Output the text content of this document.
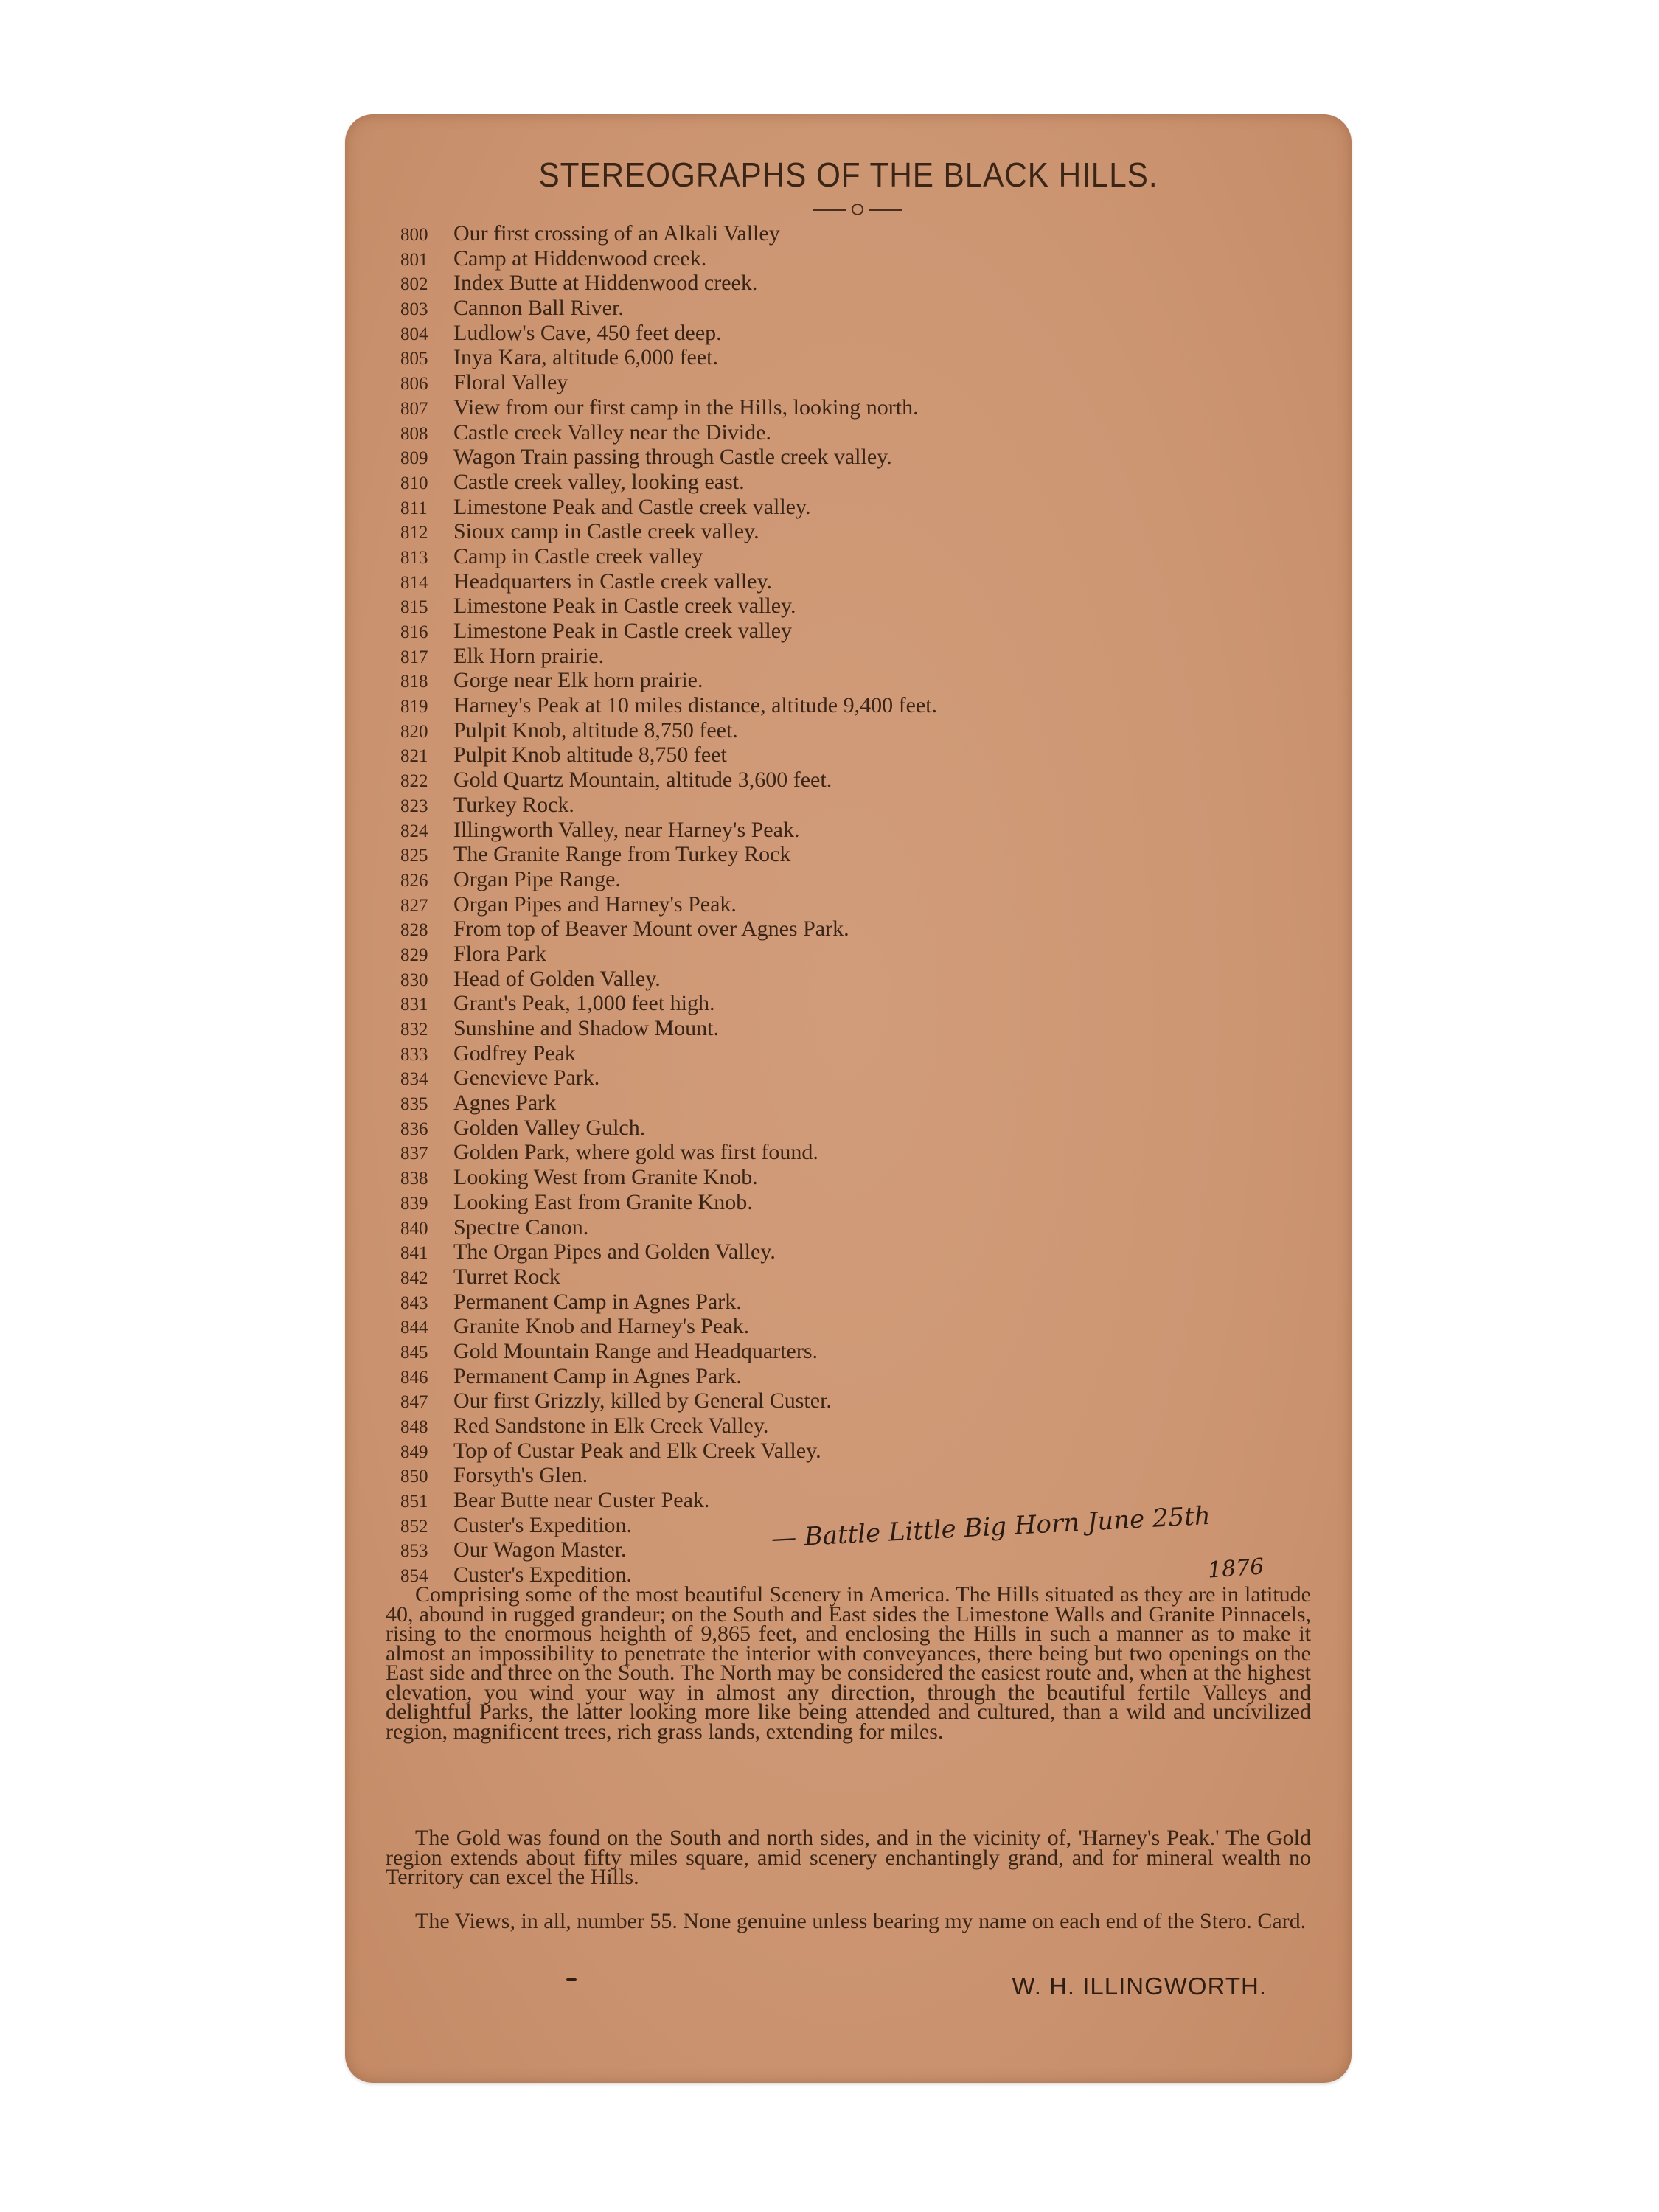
STEREOGRAPHS OF THE BLACK HILLS.
800 Our first crossing of an Alkali Valley
801 Camp at Hiddenwood creek.
802 Index Butte at Hiddenwood creek.
803 Cannon Ball River.
804 Ludlow's Cave, 450 feet deep.
805 Inya Kara, altitude 6,000 feet.
806 Floral Valley
807 View from our first camp in the Hills, looking north.
808 Castle creek Valley near the Divide.
809 Wagon Train passing through Castle creek valley.
810 Castle creek valley, looking east.
811 Limestone Peak and Castle creek valley.
812 Sioux camp in Castle creek valley.
813 Camp in Castle creek valley
814 Headquarters in Castle creek valley.
815 Limestone Peak in Castle creek valley.
816 Limestone Peak in Castle creek valley
817 Elk Horn prairie.
818 Gorge near Elk horn prairie.
819 Harney's Peak at 10 miles distance, altitude 9,400 feet.
820 Pulpit Knob, altitude 8,750 feet.
821 Pulpit Knob altitude 8,750 feet
822 Gold Quartz Mountain, altitude 3,600 feet.
823 Turkey Rock.
824 Illingworth Valley, near Harney's Peak.
825 The Granite Range from Turkey Rock
826 Organ Pipe Range.
827 Organ Pipes and Harney's Peak.
828 From top of Beaver Mount over Agnes Park.
829 Flora Park
830 Head of Golden Valley.
831 Grant's Peak, 1,000 feet high.
832 Sunshine and Shadow Mount.
833 Godfrey Peak
834 Genevieve Park.
835 Agnes Park
836 Golden Valley Gulch.
837 Golden Park, where gold was first found.
838 Looking West from Granite Knob.
839 Looking East from Granite Knob.
840 Spectre Canon.
841 The Organ Pipes and Golden Valley.
842 Turret Rock
843 Permanent Camp in Agnes Park.
844 Granite Knob and Harney's Peak.
845 Gold Mountain Range and Headquarters.
846 Permanent Camp in Agnes Park.
847 Our first Grizzly, killed by General Custer.
848 Red Sandstone in Elk Creek Valley.
849 Top of Custar Peak and Elk Creek Valley.
850 Forsyth's Glen.
851 Bear Butte near Custer Peak.
852 Custer's Expedition.
853 Our Wagon Master.
854 Custer's Expedition.
— Battle Little Big Horn June 25th
1876

Comprising some of the most beautiful Scenery in America. The Hills situated as they are in latitude 40, abound in rugged grandeur; on the South and East sides the Limestone Walls and Granite Pinnacels, rising to the enormous heighth of 9,865 feet, and enclosing the Hills in such a manner as to make it almost an impossibility to penetrate the interior with conveyances, there being but two openings on the East side and three on the South. The North may be considered the easiest route and, when at the highest elevation, you wind your way in almost any direction, through the beautiful fertile Valleys and delightful Parks, the latter looking more like being attended and cultured, than a wild and uncivilized region, magnificent trees, rich grass lands, extending for miles.

The Gold was found on the South and north sides, and in the vicinity of, 'Harney's Peak.' The Gold region extends about fifty miles square, amid scenery enchantingly grand, and for mineral wealth no Territory can excel the Hills.

The Views, in all, number 55. None genuine unless bearing my name on each end of the Stero. Card.

W. H. ILLINGWORTH.
